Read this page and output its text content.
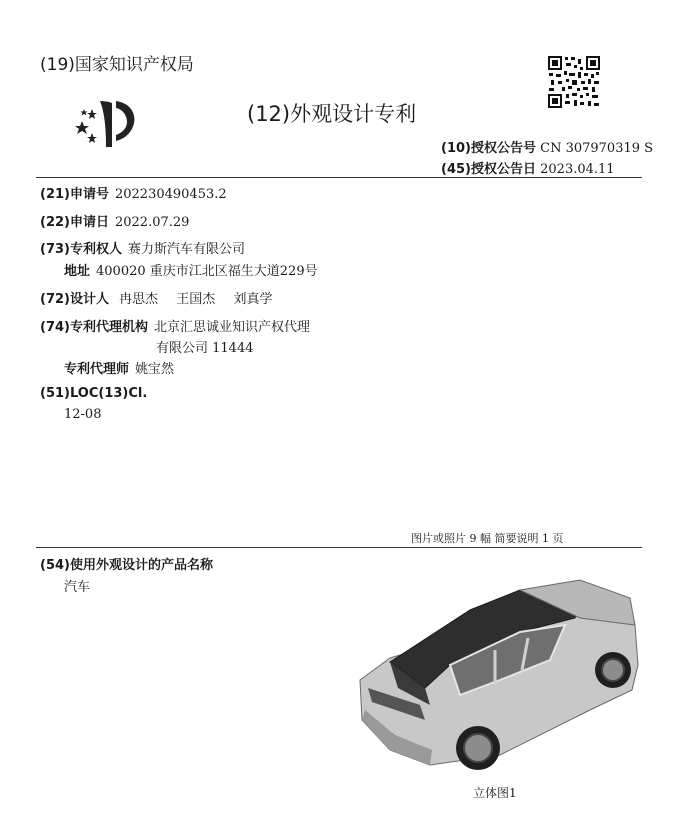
(19)国家知识产权局
(12)外观设计专利
(10)授权公告号 CN 307970319 S
(45)授权公告日 2023.04.11
(21)申请号 202230490453.2
(22)申请日 2022.07.29
(73)专利权人 赛力斯汽车有限公司
地址 400020 重庆市江北区福生大道229号
(72)设计人 冉思杰 王国杰 刘真学
(74)专利代理机构 北京汇思诚业知识产权代理
有限公司 11444
专利代理师 姚宝然
(51)LOC(13)Cl.
12-08
图片或照片 9 幅 简要说明 1 页
(54)使用外观设计的产品名称
汽车
立体图1
